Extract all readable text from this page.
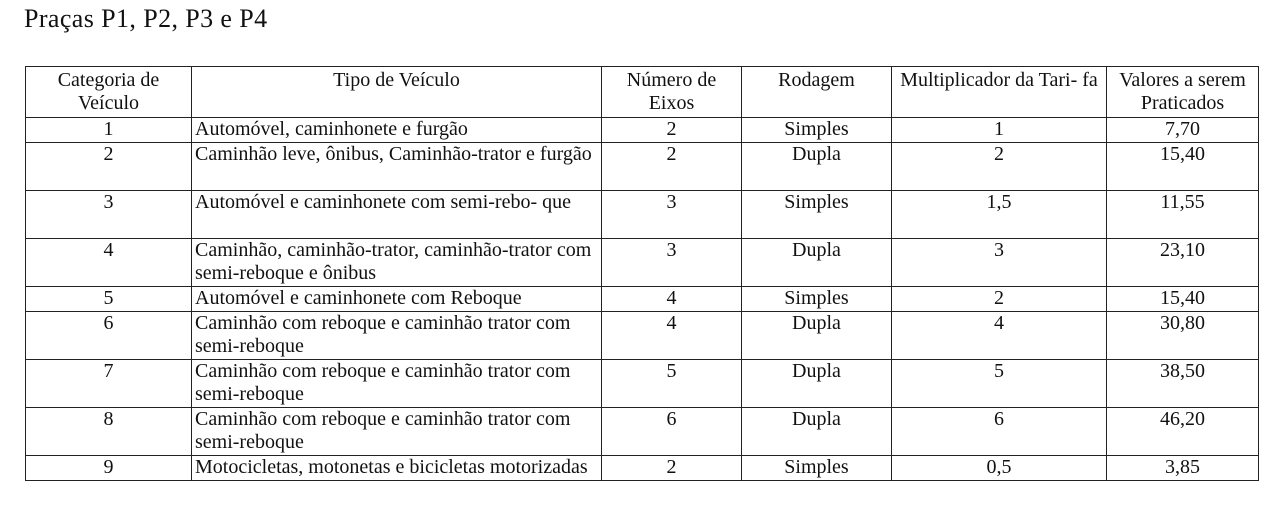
Praças P1, P2, P3 e P4
Categoria de Veículo	Tipo de Veículo	Número de Eixos	Rodagem	Multiplicador da Tari- fa	Valores a serem Praticados
1	Automóvel, caminhonete e furgão	2	Simples	1	7,70
2	Caminhão leve, ônibus, Caminhão-trator e furgão	2	Dupla	2	15,40
3	Automóvel e caminhonete com semi-rebo- que	3	Simples	1,5	11,55
4	Caminhão, caminhão-trator, caminhão-trator com semi-reboque e ônibus	3	Dupla	3	23,10
5	Automóvel e caminhonete com Reboque	4	Simples	2	15,40
6	Caminhão com reboque e caminhão trator com semi-reboque	4	Dupla	4	30,80
7	Caminhão com reboque e caminhão trator com semi-reboque	5	Dupla	5	38,50
8	Caminhão com reboque e caminhão trator com semi-reboque	6	Dupla	6	46,20
9	Motocicletas, motonetas e bicicletas motorizadas	2	Simples	0,5	3,85
